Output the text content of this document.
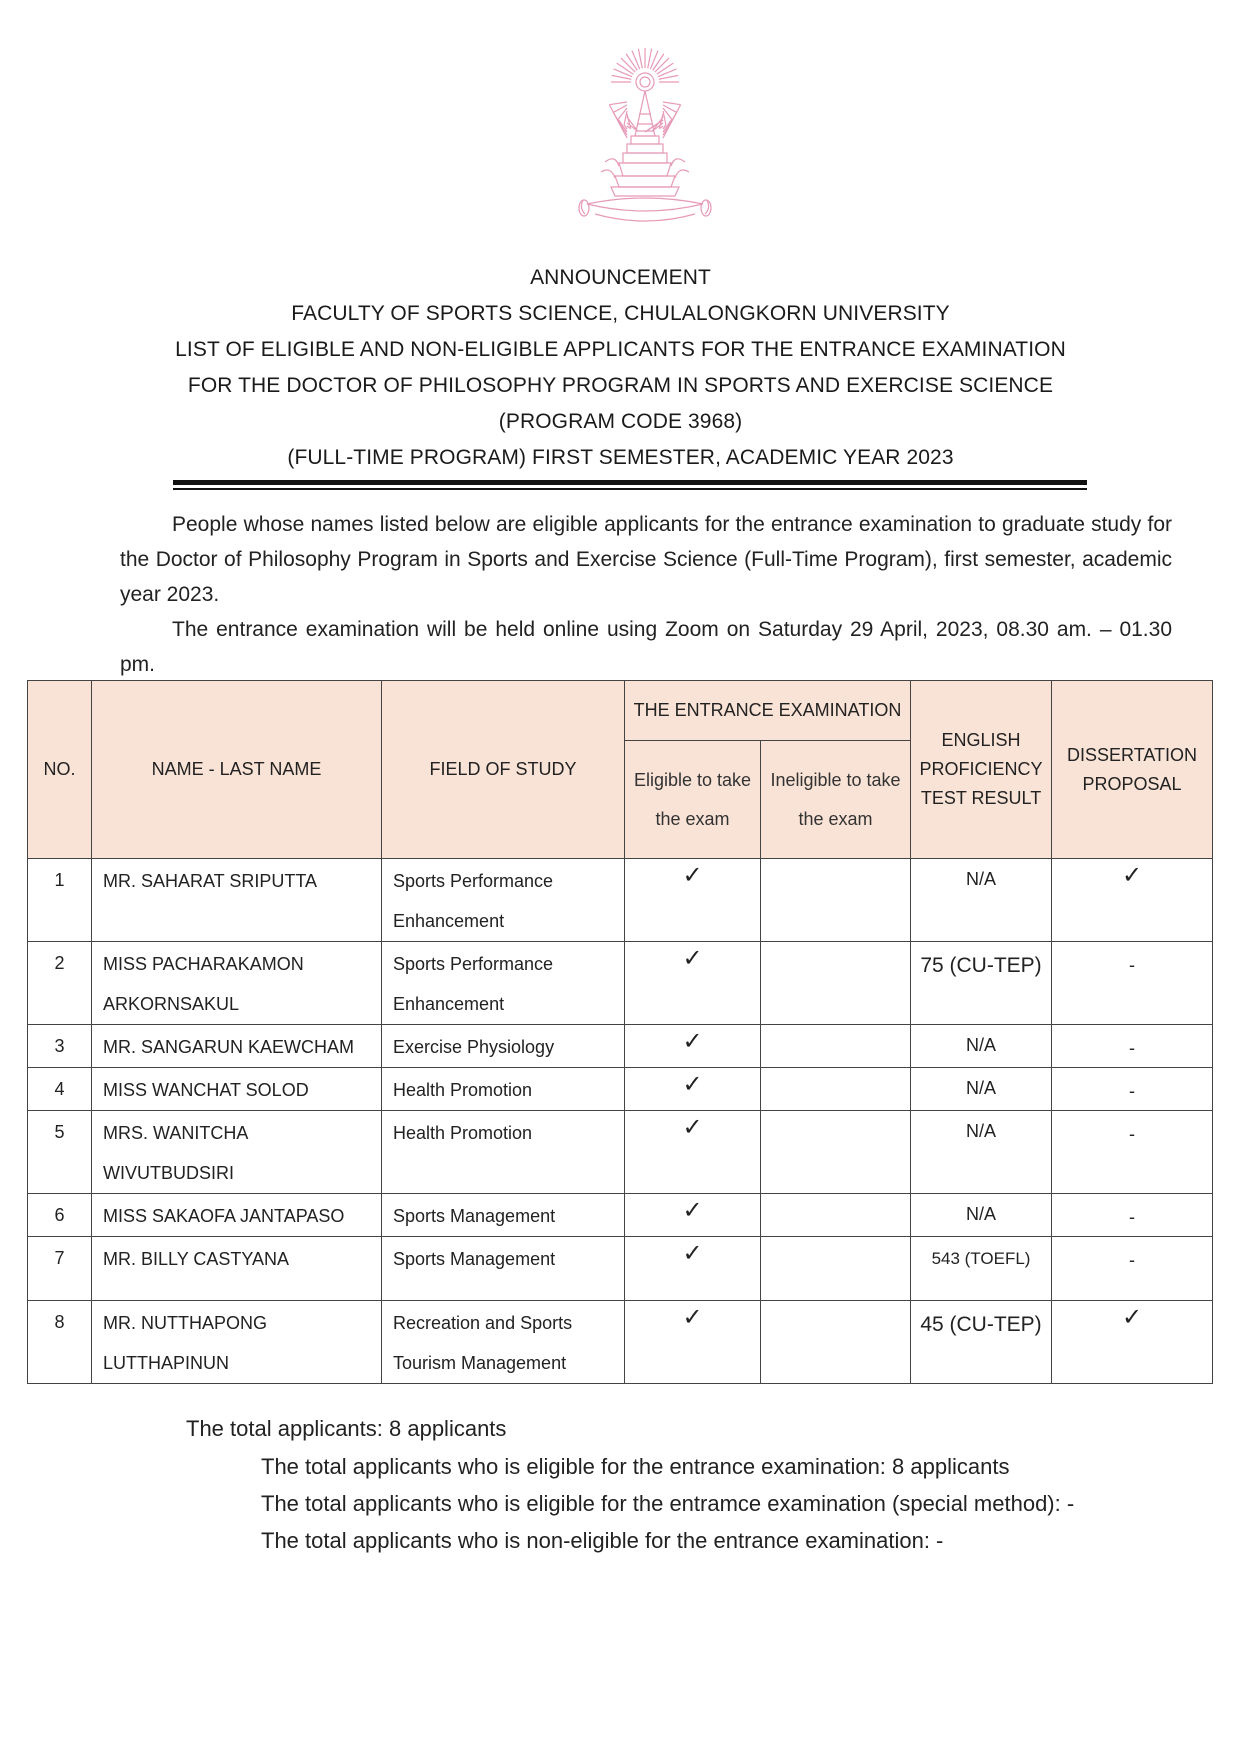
ANNOUNCEMENT
FACULTY OF SPORTS SCIENCE, CHULALONGKORN UNIVERSITY
LIST OF ELIGIBLE AND NON-ELIGIBLE APPLICANTS FOR THE ENTRANCE EXAMINATION
FOR THE DOCTOR OF PHILOSOPHY PROGRAM IN SPORTS AND EXERCISE SCIENCE
(PROGRAM CODE 3968)
(FULL-TIME PROGRAM) FIRST SEMESTER, ACADEMIC YEAR 2023

People whose names listed below are eligible applicants for the entrance examination to graduate study for the Doctor of Philosophy Program in Sports and Exercise Science (Full-Time Program), first semester, academic year 2023.

The entrance examination will be held online using Zoom on Saturday 29 April, 2023, 08.30 am. – 01.30 pm.

NO.	NAME - LAST NAME	FIELD OF STUDY	THE ENTRANCE EXAMINATION		ENGLISH PROFICIENCY TEST RESULT	DISSERTATION PROPOSAL
			Eligible to take the exam	Ineligible to take the exam		
1	MR. SAHARAT SRIPUTTA	Sports Performance Enhancement	✓		N/A	✓
2	MISS PACHARAKAMON ARKORNSAKUL	Sports Performance Enhancement	✓		75 (CU-TEP)	-
3	MR. SANGARUN KAEWCHAM	Exercise Physiology	✓		N/A	-
4	MISS WANCHAT SOLOD	Health Promotion	✓		N/A	-
5	MRS. WANITCHA WIVUTBUDSIRI	Health Promotion	✓		N/A	-
6	MISS SAKAOFA JANTAPASO	Sports Management	✓		N/A	-
7	MR. BILLY CASTYANA	Sports Management	✓		543 (TOEFL)	-
8	MR. NUTTHAPONG LUTTHAPINUN	Recreation and Sports Tourism Management	✓		45 (CU-TEP)	✓
The total applicants: 8 applicants
The total applicants who is eligible for the entrance examination: 8 applicants
The total applicants who is eligible for the entramce examination (special method): -
The total applicants who is non-eligible for the entrance examination: -
